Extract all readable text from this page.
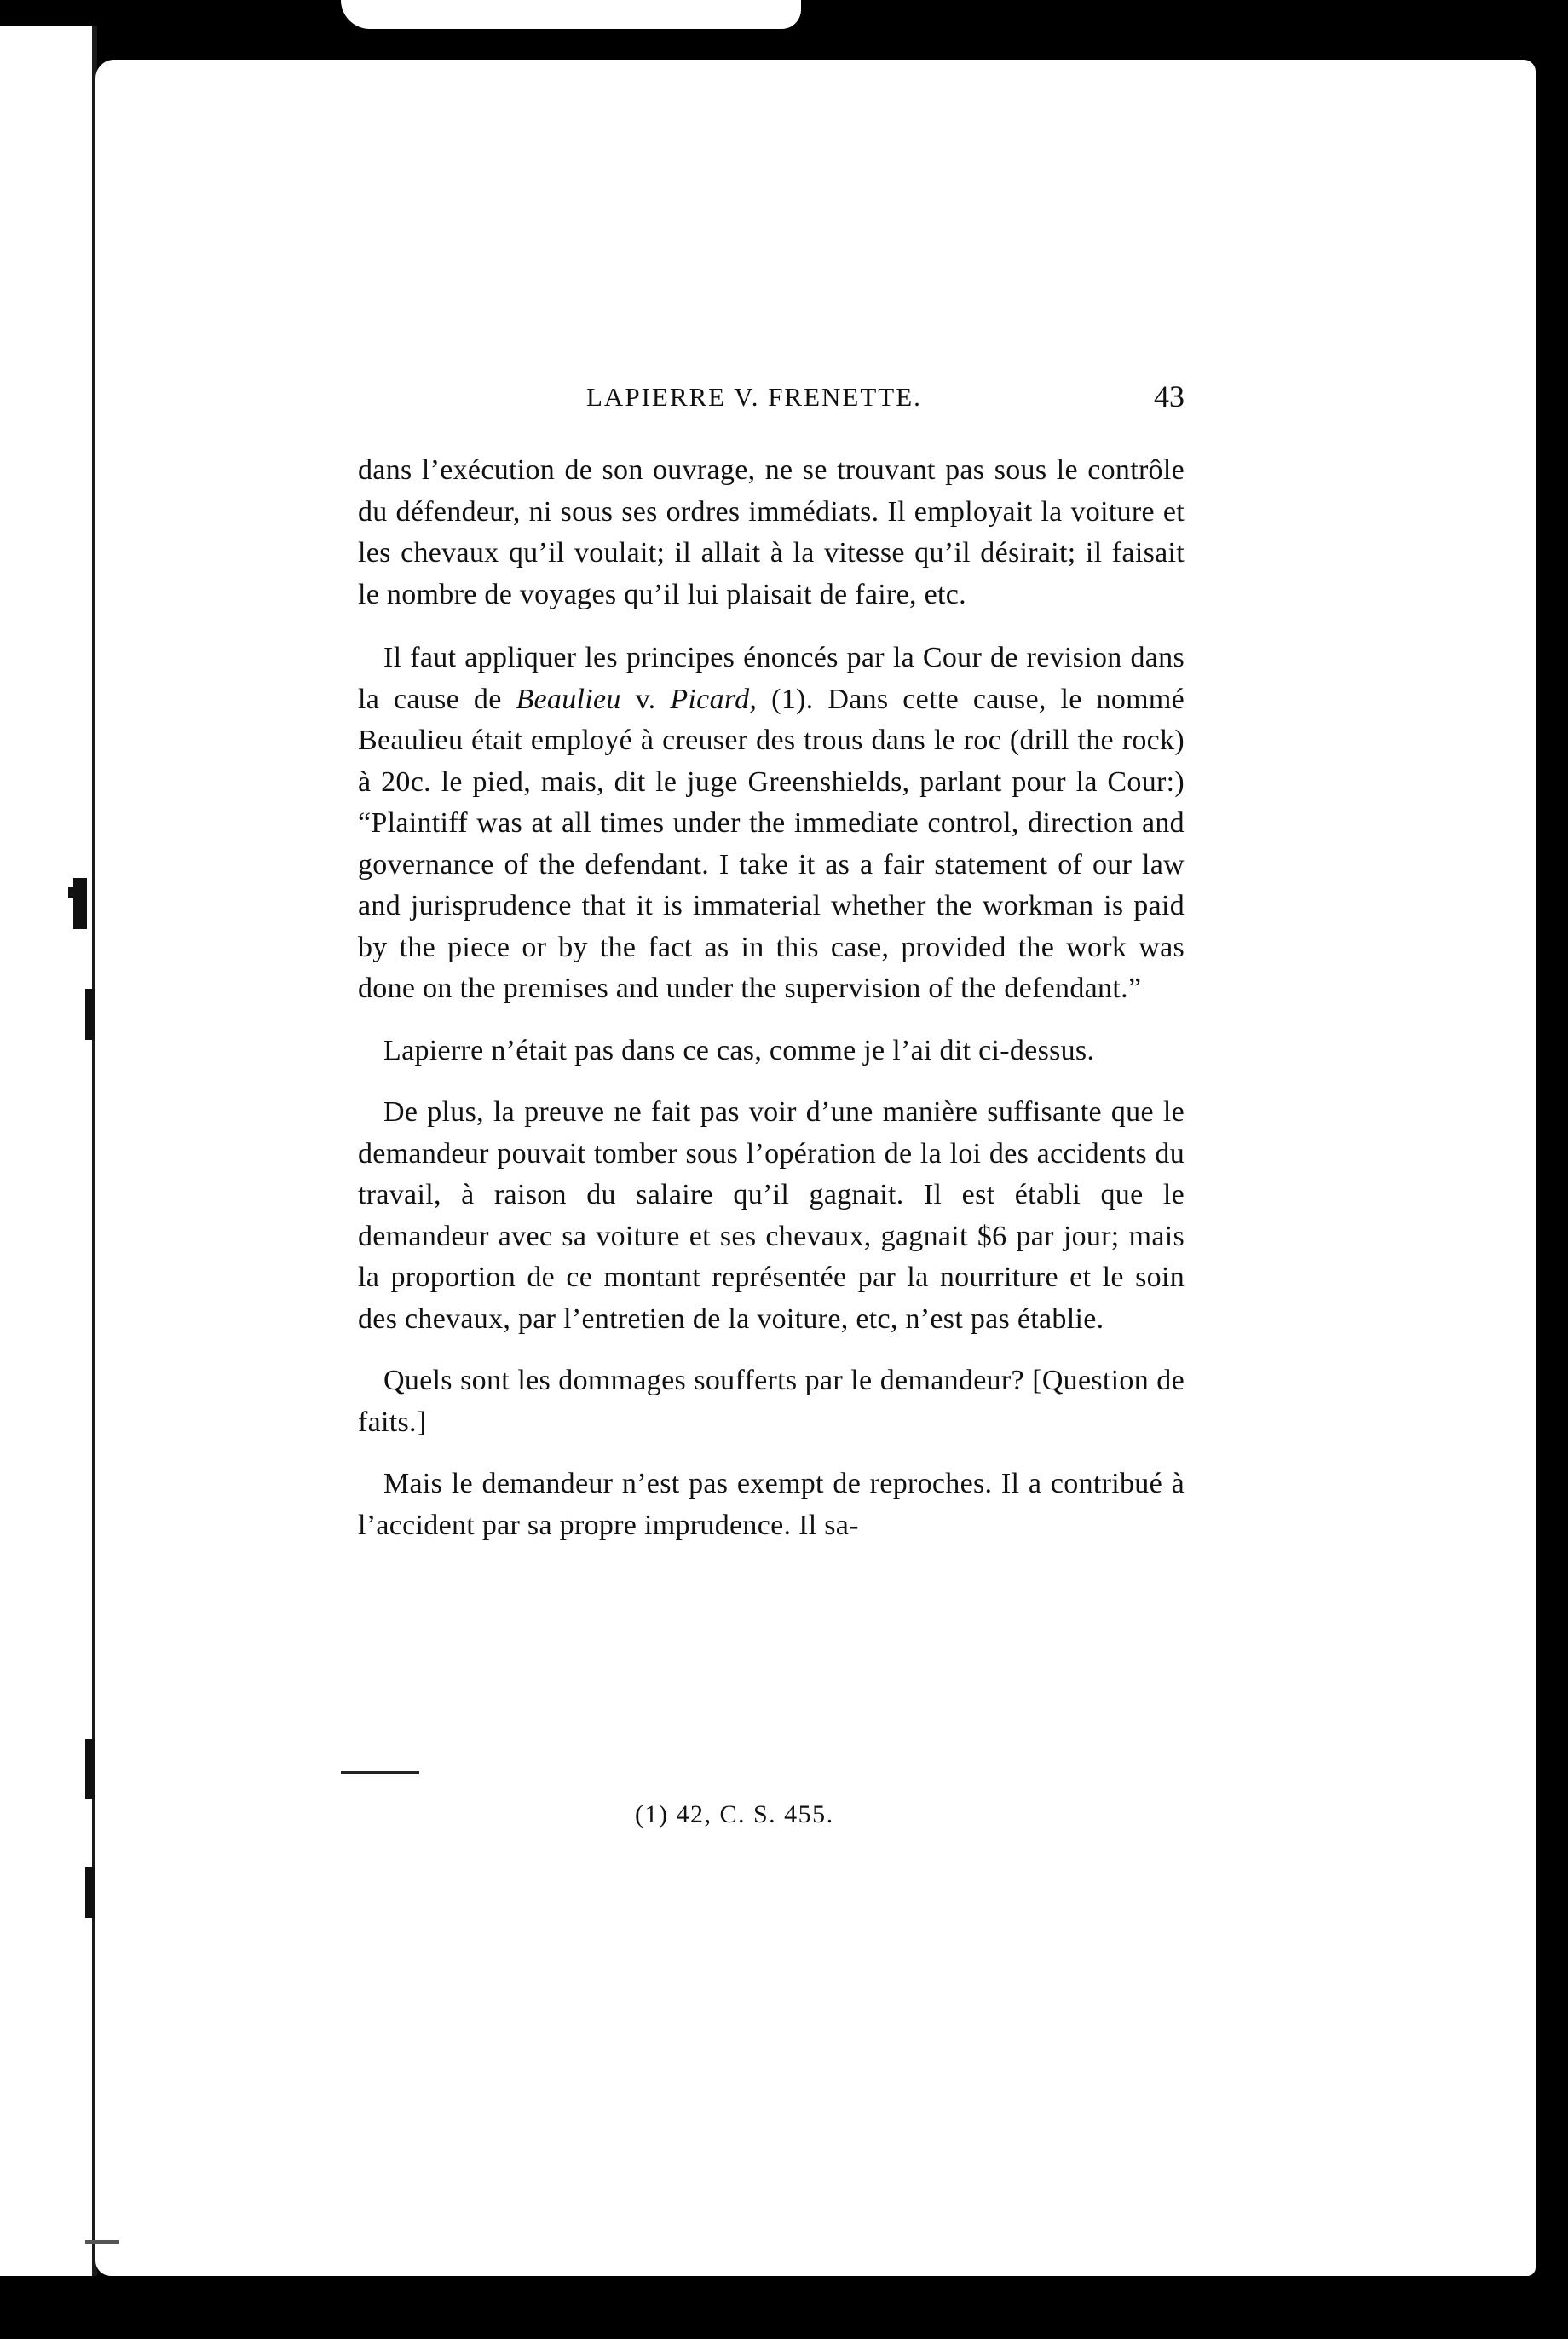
LAPIERRE V. FRENETTE.	43

dans l’exécution de son ouvrage, ne se trouvant pas sous le contrôle du défendeur, ni sous ses ordres immédiats. Il employait la voiture et les chevaux qu’il voulait; il allait à la vitesse qu’il désirait; il faisait le nombre de voyages qu’il lui plaisait de faire, etc.

Il faut appliquer les principes énoncés par la Cour de revision dans la cause de Beaulieu v. Picard, (1). Dans cette cause, le nommé Beaulieu était employé à creuser des trous dans le roc (drill the rock) à 20c. le pied, mais, dit le juge Greenshields, parlant pour la Cour:) “Plaintiff was at all times under the immediate control, direction and governance of the defendant. I take it as a fair statement of our law and jurisprudence that it is immaterial whether the workman is paid by the piece or by the fact as in this case, provided the work was done on the premises and under the supervision of the defendant.”

Lapierre n’était pas dans ce cas, comme je l’ai dit ci-dessus.

De plus, la preuve ne fait pas voir d’une manière suffisante que le demandeur pouvait tomber sous l’opération de la loi des accidents du travail, à raison du salaire qu’il gagnait. Il est établi que le demandeur avec sa voiture et ses chevaux, gagnait $6 par jour; mais la proportion de ce montant représentée par la nourriture et le soin des chevaux, par l’entretien de la voiture, etc, n’est pas établie.

Quels sont les dommages soufferts par le demandeur? [Question de faits.]

Mais le demandeur n’est pas exempt de reproches. Il a contribué à l’accident par sa propre imprudence. Il sa-

(1) 42, C. S. 455.
